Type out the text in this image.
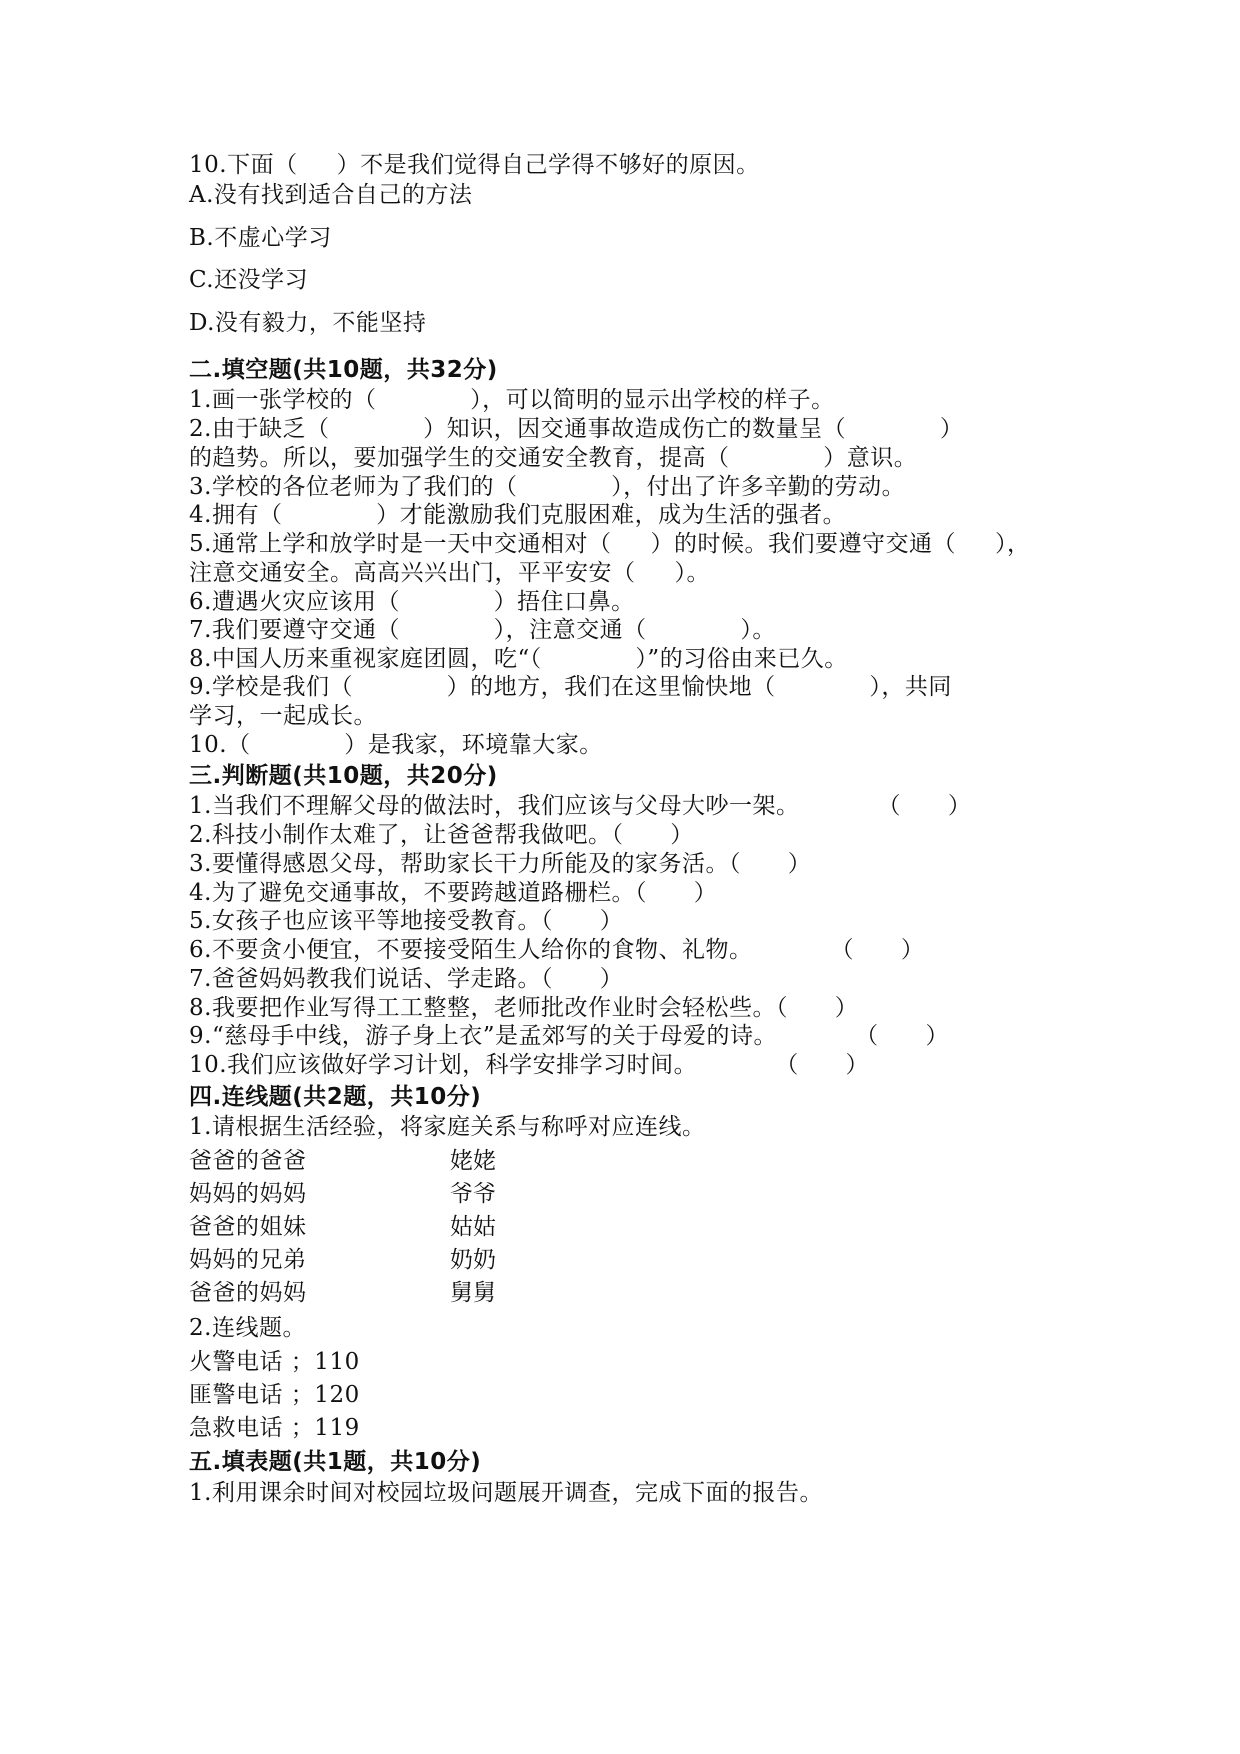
10.下面（     ）不是我们觉得自己学得不够好的原因。
A.没有找到适合自己的方法
B.不虚心学习
C.还没学习
D.没有毅力，不能坚持
二.填空题(共10题，共32分)
1.画一张学校的（            ），可以简明的显示出学校的样子。
2.由于缺乏（            ）知识，因交通事故造成伤亡的数量呈（            ）
的趋势。所以，要加强学生的交通安全教育，提高（            ）意识。
3.学校的各位老师为了我们的（            ），付出了许多辛勤的劳动。
4.拥有（            ）才能激励我们克服困难，成为生活的强者。
5.通常上学和放学时是一天中交通相对（     ）的时候。我们要遵守交通（     ），
注意交通安全。高高兴兴出门，平平安安（     ）。
6.遭遇火灾应该用（            ）捂住口鼻。
7.我们要遵守交通（            ），注意交通（            ）。
8.中国人历来重视家庭团圆，吃“（            ）”的习俗由来已久。
9.学校是我们（            ）的地方，我们在这里愉快地（            ），共同
学习，一起成长。
10.（            ）是我家，环境靠大家。
三.判断题(共10题，共20分)
1.当我们不理解父母的做法时，我们应该与父母大吵一架。          （      ）
2.科技小制作太难了，让爸爸帮我做吧。（      ）
3.要懂得感恩父母，帮助家长干力所能及的家务活。（      ）
4.为了避免交通事故，不要跨越道路栅栏。（      ）
5.女孩子也应该平等地接受教育。（      ）
6.不要贪小便宜，不要接受陌生人给你的食物、礼物。          （      ）
7.爸爸妈妈教我们说话、学走路。（      ）
8.我要把作业写得工工整整，老师批改作业时会轻松些。（      ）
9.“慈母手中线，游子身上衣”是孟郊写的关于母爱的诗。          （      ）
10.我们应该做好学习计划，科学安排学习时间。          （      ）
四.连线题(共2题，共10分)
1.请根据生活经验，将家庭关系与称呼对应连线。
爸爸的爸爸	姥姥
妈妈的妈妈	爷爷
爸爸的姐妹	姑姑
妈妈的兄弟	奶奶
爸爸的妈妈	舅舅
2.连线题。
火警电话 ；110
匪警电话 ；120
急救电话 ；119
五.填表题(共1题，共10分)
1.利用课余时间对校园垃圾问题展开调查，完成下面的报告。
